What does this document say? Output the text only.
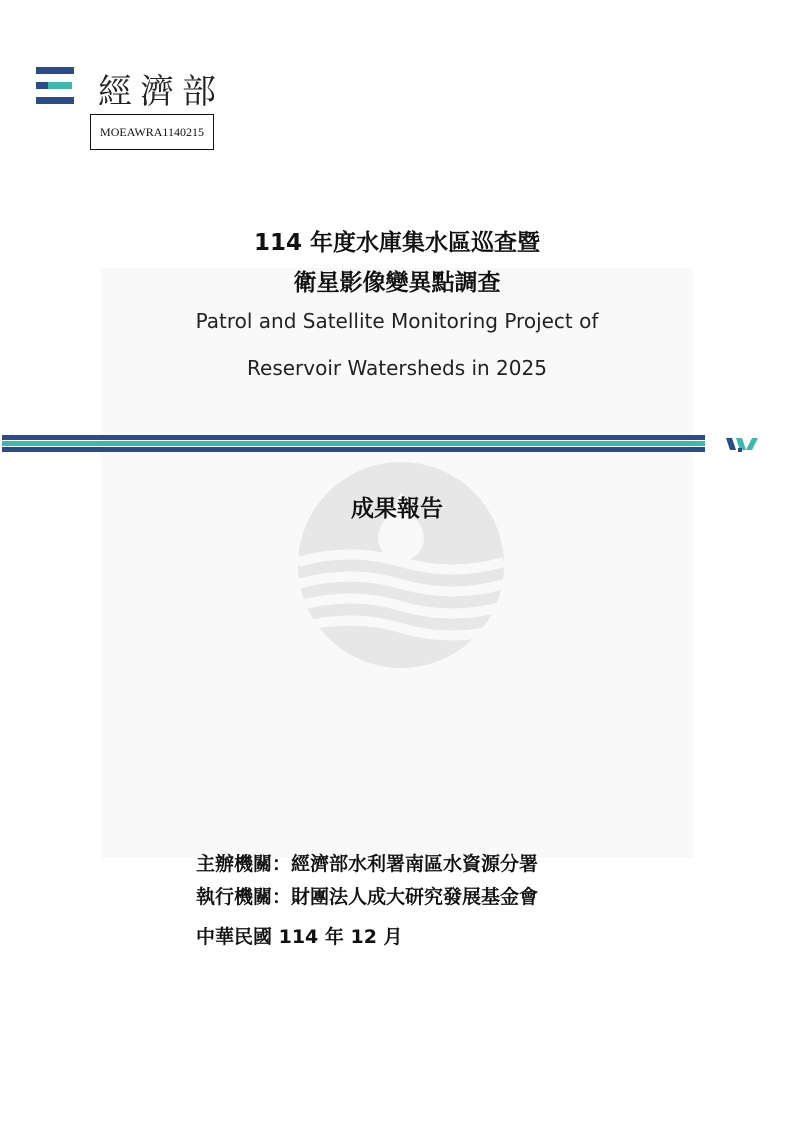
經濟部
MOEAWRA1140215
114 年度水庫集水區巡查暨
衛星影像變異點調查
Patrol and Satellite Monitoring Project of
Reservoir Watersheds in 2025
成果報告
主辦機關：經濟部水利署南區水資源分署
執行機關：財團法人成大研究發展基金會
中華民國 114 年 12 月
